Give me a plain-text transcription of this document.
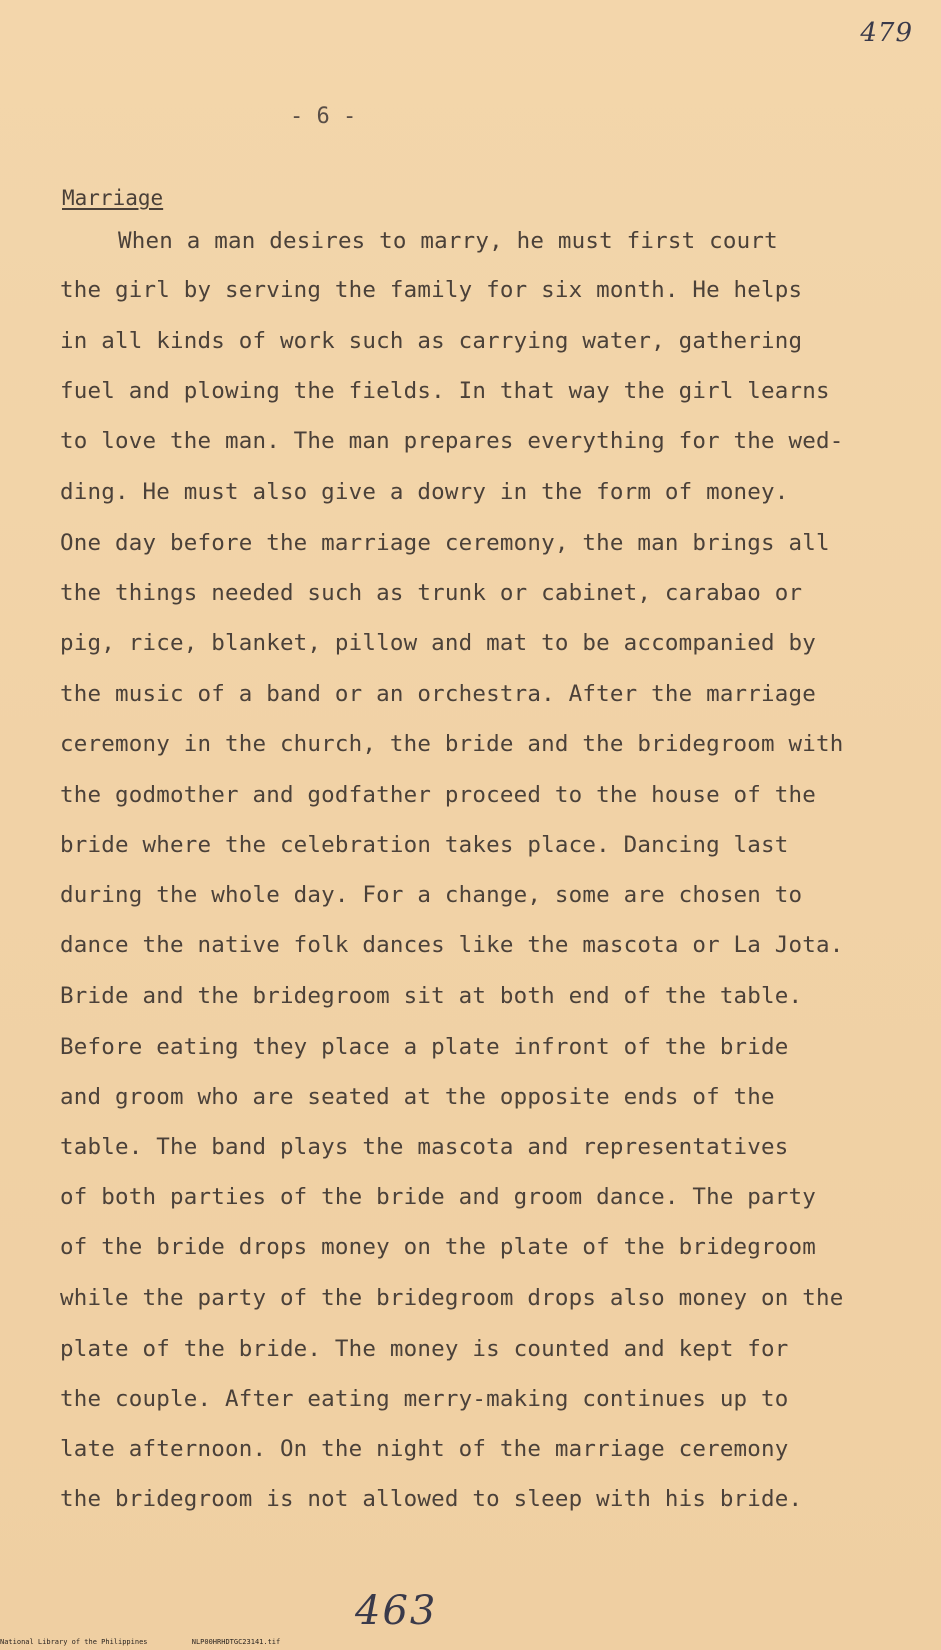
479
- 6 -
Marriage
When a man desires to marry, he must first court
the girl by serving the family for six month. He helps
in all kinds of work such as carrying water, gathering
fuel and plowing the fields. In that way the girl learns
to love the man. The man prepares everything for the wed-
ding. He must also give a dowry in the form of money.
One day before the marriage ceremony, the man brings all
the things needed such as trunk or cabinet, carabao or
pig, rice, blanket, pillow and mat to be accompanied by
the music of a band or an orchestra. After the marriage
ceremony in the church, the bride and the bridegroom with
the godmother and godfather proceed to the house of the
bride where the celebration takes place. Dancing last
during the whole day. For a change, some are chosen to
dance the native folk dances like the mascota or La Jota.
Bride and the bridegroom sit at both end of the table.
Before eating they place a plate infront of the bride
and groom who are seated at the opposite ends of the
table. The band plays the mascota and representatives
of both parties of the bride and groom dance. The party
of the bride drops money on the plate of the bridegroom
while the party of the bridegroom drops also money on the
plate of the bride. The money is counted and kept for
the couple. After eating merry-making continues up to
late afternoon. On the night of the marriage ceremony
the bridegroom is not allowed to sleep with his bride.
463
National Library of the Philippines	NLP00HRHDTGC23141.tif
